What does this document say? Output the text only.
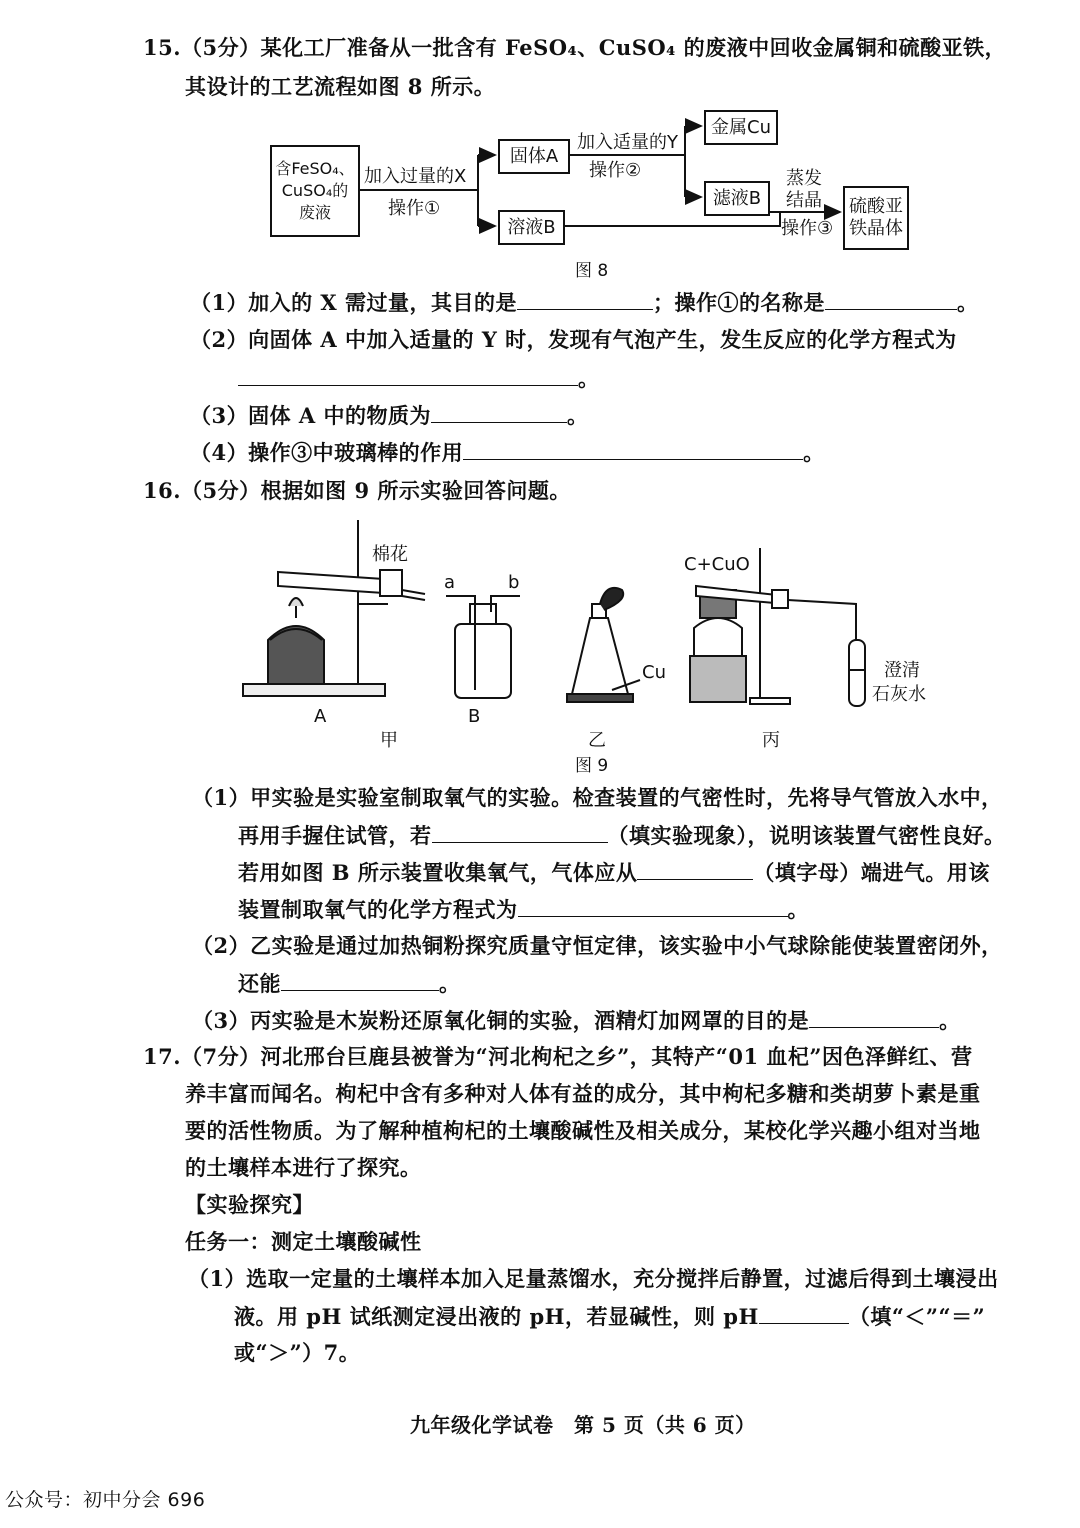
15.（5分）某化工厂准备从一批含有 FeSO₄、CuSO₄ 的废液中回收金属铜和硫酸亚铁，
其设计的工艺流程如图 8 所示。
含FeSO₄、
CuSO₄的
废液
加入过量的X
操作①
固体A
溶液B
加入适量的Y
操作②
金属Cu
滤液B
蒸发
结晶
操作③
硫酸亚
铁晶体
图 8
（1）加入的 X 需过量，其目的是	；操作①的名称是	。
（2）向固体 A 中加入适量的 Y 时，发现有气泡产生，发生反应的化学方程式为
。
（3）固体 A 中的物质为	。
（4）操作③中玻璃棒的作用	。
16.（5分）根据如图 9 所示实验回答问题。
棉花
a	b
A	B
Cu
C+CuO
澄清
石灰水
甲	乙	丙
图 9
（1）甲实验是实验室制取氧气的实验。检查装置的气密性时，先将导气管放入水中，
再用手握住试管，若	（填实验现象），说明该装置气密性良好。
若用如图 B 所示装置收集氧气，气体应从	（填字母）端进气。用该
装置制取氧气的化学方程式为	。
（2）乙实验是通过加热铜粉探究质量守恒定律，该实验中小气球除能使装置密闭外，
还能	。
（3）丙实验是木炭粉还原氧化铜的实验，酒精灯加网罩的目的是	。
17.（7分）河北邢台巨鹿县被誉为“河北枸杞之乡”，其特产“01 血杞”因色泽鲜红、营
养丰富而闻名。枸杞中含有多种对人体有益的成分，其中枸杞多糖和类胡萝卜素是重
要的活性物质。为了解种植枸杞的土壤酸碱性及相关成分，某校化学兴趣小组对当地
的土壤样本进行了探究。
【实验探究】
任务一：测定土壤酸碱性
（1）选取一定量的土壤样本加入足量蒸馏水，充分搅拌后静置，过滤后得到土壤浸出
液。用 pH 试纸测定浸出液的 pH，若显碱性，则 pH	（填“＜”“＝”
或“＞”）7。
九年级化学试卷　第 5 页（共 6 页）
公众号：初中分会 696
